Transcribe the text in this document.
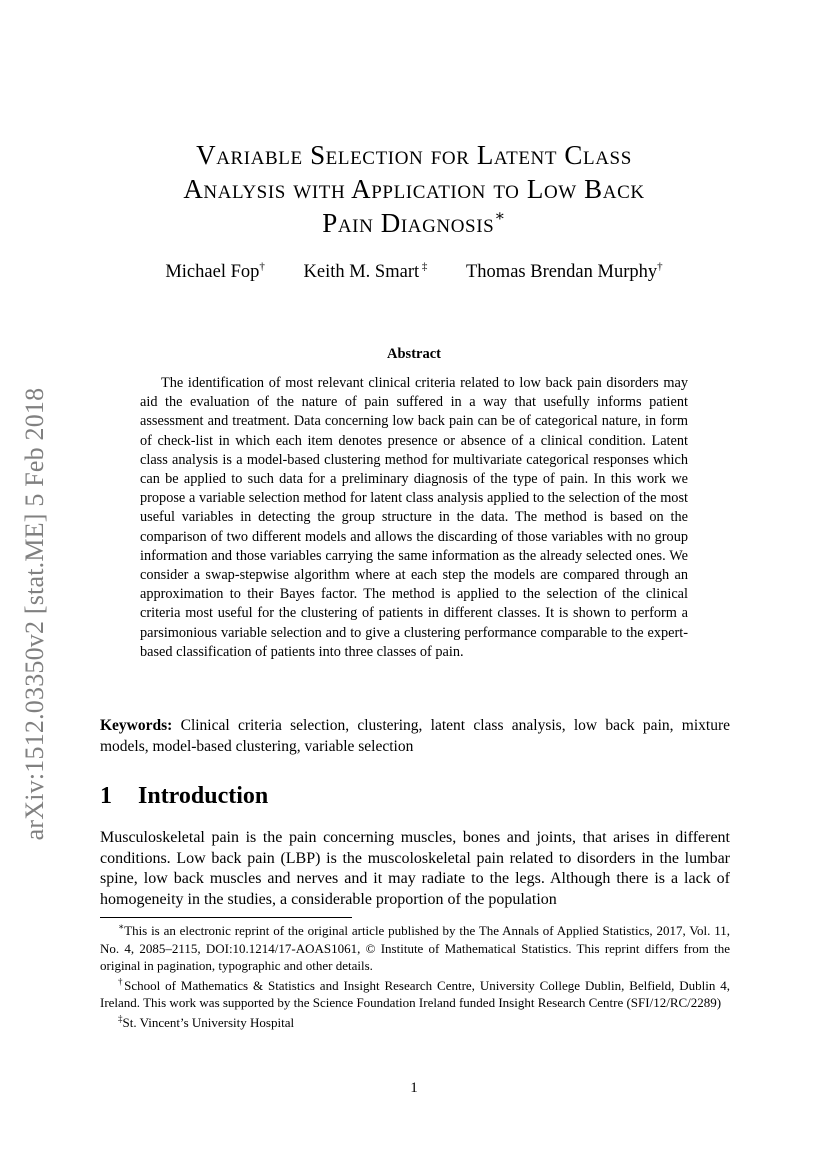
arXiv:1512.03350v2 [stat.ME] 5 Feb 2018
Variable Selection for Latent Class
Analysis with Application to Low Back
Pain Diagnosis∗
Michael Fop† Keith M. Smart ‡ Thomas Brendan Murphy†
Abstract
The identification of most relevant clinical criteria related to low back pain disorders may aid the evaluation of the nature of pain suffered in a way that usefully informs patient assessment and treatment. Data concerning low back pain can be of categorical nature, in form of check-list in which each item denotes presence or absence of a clinical condition. Latent class analysis is a model-based clustering method for multivariate categorical responses which can be applied to such data for a preliminary diagnosis of the type of pain. In this work we propose a variable selection method for latent class analysis applied to the selection of the most useful variables in detecting the group structure in the data. The method is based on the comparison of two different models and allows the discarding of those variables with no group information and those variables carrying the same information as the already selected ones. We consider a swap-stepwise algorithm where at each step the models are compared through an approximation to their Bayes factor. The method is applied to the selection of the clinical criteria most useful for the clustering of patients in different classes. It is shown to perform a parsimonious variable selection and to give a clustering performance comparable to the expert-based classification of patients into three classes of pain.
Keywords: Clinical criteria selection, clustering, latent class analysis, low back pain, mixture models, model-based clustering, variable selection
1 Introduction
Musculoskeletal pain is the pain concerning muscles, bones and joints, that arises in different conditions. Low back pain (LBP) is the muscoloskeletal pain related to disorders in the lumbar spine, low back muscles and nerves and it may radiate to the legs. Although there is a lack of homogeneity in the studies, a considerable proportion of the population
∗This is an electronic reprint of the original article published by the The Annals of Applied Statistics, 2017, Vol. 11, No. 4, 2085–2115, DOI:10.1214/17-AOAS1061, © Institute of Mathematical Statistics. This reprint differs from the original in pagination, typographic and other details.
†School of Mathematics & Statistics and Insight Research Centre, University College Dublin, Belfield, Dublin 4, Ireland. This work was supported by the Science Foundation Ireland funded Insight Research Centre (SFI/12/RC/2289)
‡St. Vincent’s University Hospital
1
